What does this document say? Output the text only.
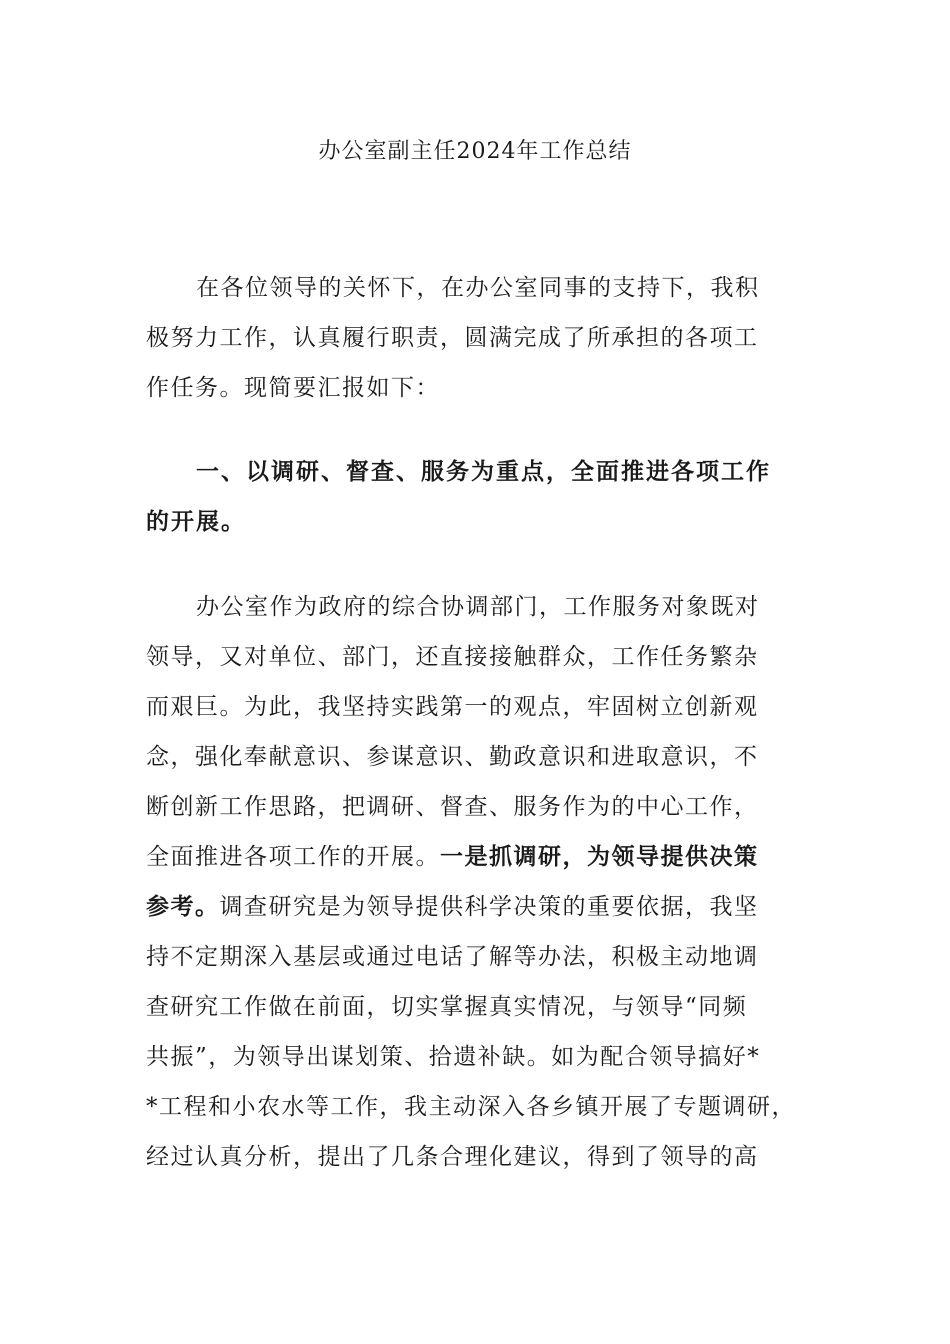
办公室副主任2024年工作总结
在各位领导的关怀下，在办公室同事的支持下，我积
极努力工作，认真履行职责，圆满完成了所承担的各项工
作任务。现简要汇报如下：
一、以调研、督查、服务为重点，全面推进各项工作
的开展。
办公室作为政府的综合协调部门，工作服务对象既对
领导，又对单位、部门，还直接接触群众，工作任务繁杂
而艰巨。为此，我坚持实践第一的观点，牢固树立创新观
念，强化奉献意识、参谋意识、勤政意识和进取意识，不
断创新工作思路，把调研、督查、服务作为的中心工作，
全面推进各项工作的开展。一是抓调研，为领导提供决策
参考。调查研究是为领导提供科学决策的重要依据，我坚
持不定期深入基层或通过电话了解等办法，积极主动地调
查研究工作做在前面，切实掌握真实情况，与领导“同频
共振”，为领导出谋划策、拾遗补缺。如为配合领导搞好*
*工程和小农水等工作，我主动深入各乡镇开展了专题调研，
经过认真分析，提出了几条合理化建议，得到了领导的高
